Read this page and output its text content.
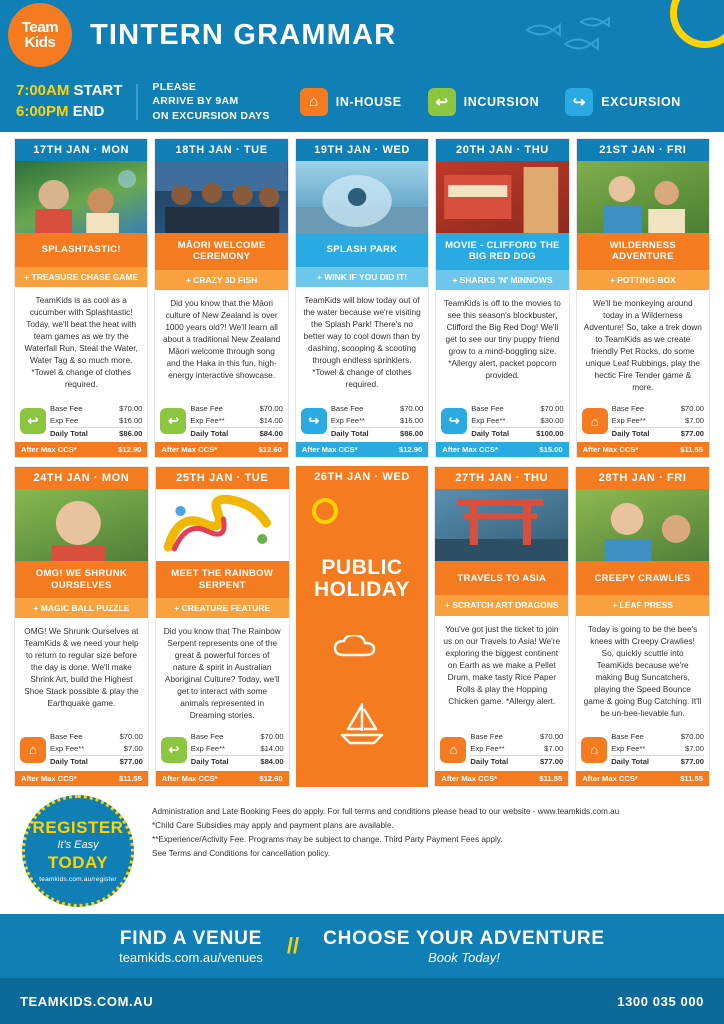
Team
Kids TINTERN GRAMMAR
7:00AM START
6:00PM END
PLEASE
ARRIVE BY 9AM
ON EXCURSION DAYS
⌂	IN-HOUSE	↩	INCURSION	↪	EXCURSION
17TH JAN · MON
SPLASHTASTIC!
+ TREASURE CHASE GAME
TeamKids is as cool as a cucumber with Splashtastic! Today, we'll beat the heat with team games as we try the Waterfall Run, Steal the Water, Water Tag & so much more. *Towel & change of clothes required.
↩
Base Fee	$70.00
Exp Fee	$16.00
Daily Total	$86.00
After Max CCS*	$12.90
18TH JAN · TUE
MĀORI WELCOME CEREMONY
+ CRAZY 3D FISH
Did you know that the Māori culture of New Zealand is over 1000 years old?! We'll learn all about a traditional New Zealand Māori welcome through song and the Haka in this fun, high-energy interactive showcase.
↩
Base Fee	$70.00
Exp Fee**	$14.00
Daily Total	$84.00
After Max CCS*	$12.60
19TH JAN · WED
SPLASH PARK
+ WINK IF YOU DID IT!
TeamKids will blow today out of the water because we're visiting the Splash Park! There's no better way to cool down than by dashing, scooping & scooting through endless sprinklers. *Towel & change of clothes required.
↪
Base Fee	$70.00
Exp Fee**	$16.00
Daily Total	$86.00
After Max CCS*	$12.90
20TH JAN · THU
MOVIE - CLIFFORD THE BIG RED DOG
+ SHARKS 'N' MINNOWS
TeamKids is off to the movies to see this season's blockbuster, Clifford the Big Red Dog! We'll get to see our tiny puppy friend grow to a mind-boggling size. *Allergy alert, packet popcorn provided.
↪
Base Fee	$70.00
Exp Fee**	$30.00
Daily Total	$100.00
After Max CCS*	$15.00
21ST JAN · FRI
WILDERNESS ADVENTURE
+ POTTING BOX
We'll be monkeying around today in a Wilderness Adventure! So, take a trek down to TeamKids as we create friendly Pet Rocks, do some unique Leaf Rubbings, play the hectic Fire Tender game & more.
⌂
Base Fee	$70.00
Exp Fee**	$7.00
Daily Total	$77.00
After Max CCS*	$11.55
24TH JAN · MON
OMG! WE SHRUNK OURSELVES
+ MAGIC BALL PUZZLE
OMG! We Shrunk Ourselves at TeamKids & we need your help to return to regular size before the day is done. We'll make Shrink Art, build the Highest Shoe Stack possible & play the Earthquake game.
⌂
Base Fee	$70.00
Exp Fee**	$7.00
Daily Total	$77.00
After Max CCS*	$11.55
25TH JAN · TUE
MEET THE RAINBOW SERPENT
+ CREATURE FEATURE
Did you know that The Rainbow Serpent represents one of the great & powerful forces of nature & spirit in Australian Aboriginal Culture? Today, we'll get to interact with some animals represented in Dreaming stories.
↩
Base Fee	$70.00
Exp Fee**	$14.00
Daily Total	$84.00
After Max CCS*	$12.60
26TH JAN · WED
PUBLIC HOLIDAY
27TH JAN · THU
TRAVELS TO ASIA
+ SCRATCH ART DRAGONS
You've got just the ticket to join us on our Travels to Asia! We're exploring the biggest continent on Earth as we make a Pellet Drum, make tasty Rice Paper Rolls & play the Hopping Chicken game. *Allergy alert.
⌂
Base Fee	$70.00
Exp Fee**	$7.00
Daily Total	$77.00
After Max CCS*	$11.55
28TH JAN · FRI
CREEPY CRAWLIES
+ LEAF PRESS
Today is going to be the bee's knees with Creepy Crawlies! So, quickly scuttle into TeamKids because we're making Bug Suncatchers, playing the Speed Bounce game & going Bug Catching. It'll be un-bee-lievable fun.
⌂
Base Fee	$70.00
Exp Fee**	$7.00
Daily Total	$77.00
After Max CCS*	$11.55
REGISTER
It's Easy
TODAY
teamkids.com.au/register
Administration and Late Booking Fees do apply. For full terms and conditions please head to our website - www.teamkids.com.au
*Child Care Subsidies may apply and payment plans are available.
**Experience/Activity Fee. Programs may be subject to change. Third Party Payment Fees apply.
See Terms and Conditions for cancellation policy.
FIND A VENUE
teamkids.com.au/venues // CHOOSE YOUR ADVENTURE
Book Today!
TEAMKIDS.COM.AU	1300 035 000
